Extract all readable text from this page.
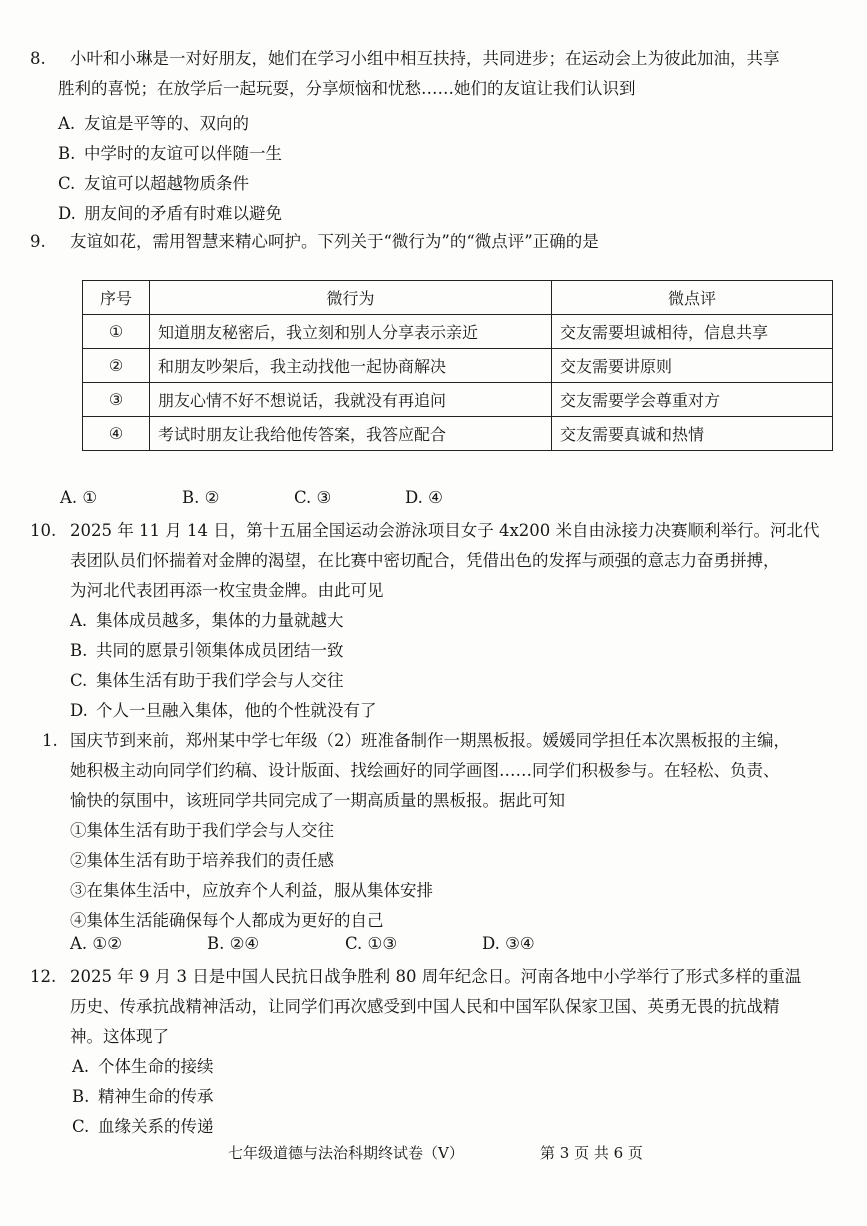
8. 小叶和小琳是一对好朋友，她们在学习小组中相互扶持，共同进步；在运动会上为彼此加油，共享
胜利的喜悦；在放学后一起玩耍，分享烦恼和忧愁……她们的友谊让我们认识到
A. 友谊是平等的、双向的
B. 中学时的友谊可以伴随一生
C. 友谊可以超越物质条件
D. 朋友间的矛盾有时难以避免
9. 友谊如花，需用智慧来精心呵护。下列关于“微行为”的“微点评”正确的是
序号	微行为	微点评
①	知道朋友秘密后，我立刻和别人分享表示亲近	交友需要坦诚相待，信息共享
②	和朋友吵架后，我主动找他一起协商解决	交友需要讲原则
③	朋友心情不好不想说话，我就没有再追问	交友需要学会尊重对方
④	考试时朋友让我给他传答案，我答应配合	交友需要真诚和热情
A. ①	B. ②	C. ③	D. ④
10. 2025 年 11 月 14 日，第十五届全国运动会游泳项目女子 4x200 米自由泳接力决赛顺利举行。河北代
表团队员们怀揣着对金牌的渴望，在比赛中密切配合，凭借出色的发挥与顽强的意志力奋勇拼搏，
为河北代表团再添一枚宝贵金牌。由此可见
A. 集体成员越多，集体的力量就越大
B. 共同的愿景引领集体成员团结一致
C. 集体生活有助于我们学会与人交往
D. 个人一旦融入集体，他的个性就没有了
1. 国庆节到来前，郑州某中学七年级（2）班准备制作一期黑板报。媛媛同学担任本次黑板报的主编，
她积极主动向同学们约稿、设计版面、找绘画好的同学画图……同学们积极参与。在轻松、负责、
愉快的氛围中，该班同学共同完成了一期高质量的黑板报。据此可知
①集体生活有助于我们学会与人交往
②集体生活有助于培养我们的责任感
③在集体生活中，应放弃个人利益，服从集体安排
④集体生活能确保每个人都成为更好的自己
A. ①②	B. ②④	C. ①③	D. ③④
12. 2025 年 9 月 3 日是中国人民抗日战争胜利 80 周年纪念日。河南各地中小学举行了形式多样的重温
历史、传承抗战精神活动，让同学们再次感受到中国人民和中国军队保家卫国、英勇无畏的抗战精
神。这体现了
A. 个体生命的接续
B. 精神生命的传承
C. 血缘关系的传递
七年级道德与法治科期终试卷（V）	第 3 页 共 6 页
